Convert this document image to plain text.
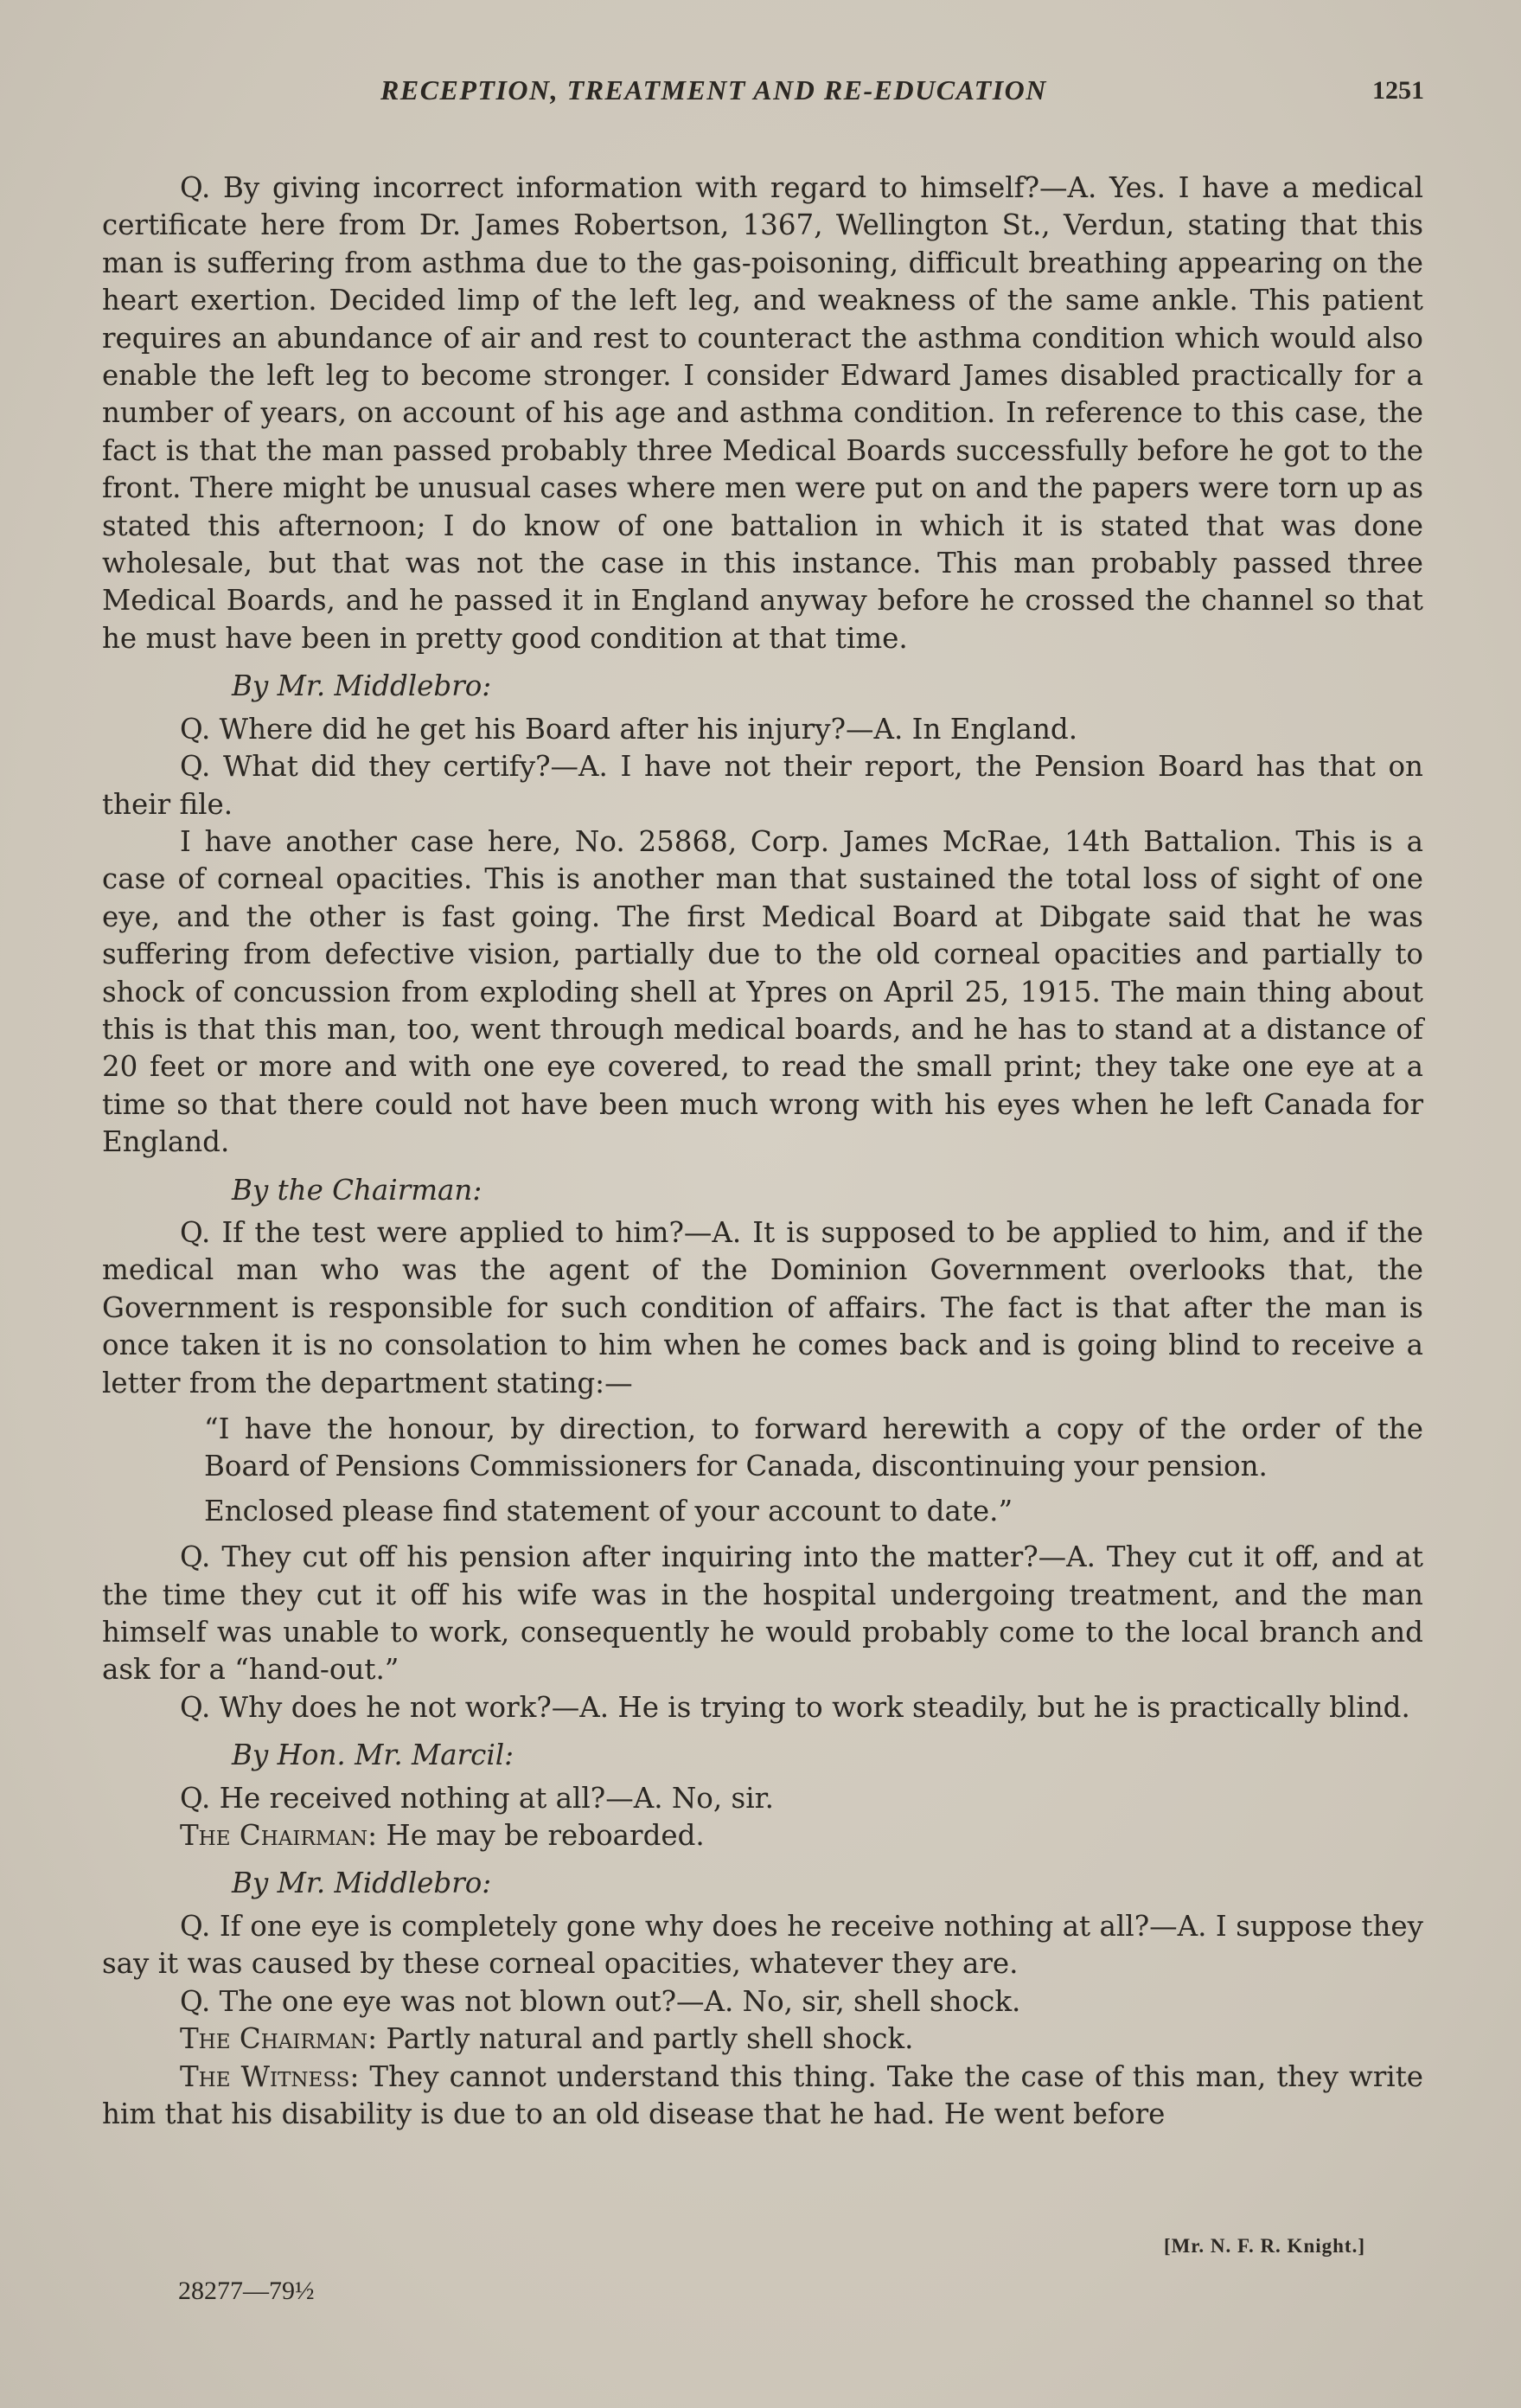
RECEPTION, TREATMENT AND RE-EDUCATION	1251

Q. By giving incorrect information with regard to himself?—A. Yes. I have a medical certificate here from Dr. James Robertson, 1367, Wellington St., Verdun, stating that this man is suffering from asthma due to the gas-poisoning, difficult breathing appearing on the heart exertion. Decided limp of the left leg, and weakness of the same ankle. This patient requires an abundance of air and rest to counteract the asthma condition which would also enable the left leg to become stronger. I consider Edward James disabled practically for a number of years, on account of his age and asthma condition. In reference to this case, the fact is that the man passed probably three Medical Boards successfully before he got to the front. There might be unusual cases where men were put on and the papers were torn up as stated this afternoon; I do know of one battalion in which it is stated that was done wholesale, but that was not the case in this instance. This man probably passed three Medical Boards, and he passed it in England anyway before he crossed the channel so that he must have been in pretty good condition at that time.

By Mr. Middlebro:

Q. Where did he get his Board after his injury?—A. In England.

Q. What did they certify?—A. I have not their report, the Pension Board has that on their file.

I have another case here, No. 25868, Corp. James McRae, 14th Battalion. This is a case of corneal opacities. This is another man that sustained the total loss of sight of one eye, and the other is fast going. The first Medical Board at Dibgate said that he was suffering from defective vision, partially due to the old corneal opacities and partially to shock of concussion from exploding shell at Ypres on April 25, 1915. The main thing about this is that this man, too, went through medical boards, and he has to stand at a distance of 20 feet or more and with one eye covered, to read the small print; they take one eye at a time so that there could not have been much wrong with his eyes when he left Canada for England.

By the Chairman:

Q. If the test were applied to him?—A. It is supposed to be applied to him, and if the medical man who was the agent of the Dominion Government overlooks that, the Government is responsible for such condition of affairs. The fact is that after the man is once taken it is no consolation to him when he comes back and is going blind to receive a letter from the department stating:—

“I have the honour, by direction, to forward herewith a copy of the order of the Board of Pensions Commissioners for Canada, discontinuing your pension.

Enclosed please find statement of your account to date.”

Q. They cut off his pension after inquiring into the matter?—A. They cut it off, and at the time they cut it off his wife was in the hospital undergoing treatment, and the man himself was unable to work, consequently he would probably come to the local branch and ask for a “hand-out.”

Q. Why does he not work?—A. He is trying to work steadily, but he is practically blind.

By Hon. Mr. Marcil:

Q. He received nothing at all?—A. No, sir.

The Chairman: He may be reboarded.

By Mr. Middlebro:

Q. If one eye is completely gone why does he receive nothing at all?—A. I suppose they say it was caused by these corneal opacities, whatever they are.

Q. The one eye was not blown out?—A. No, sir, shell shock.

The Chairman: Partly natural and partly shell shock.

The Witness: They cannot understand this thing. Take the case of this man, they write him that his disability is due to an old disease that he had. He went before

[Mr. N. F. R. Knight.]
28277—79½
